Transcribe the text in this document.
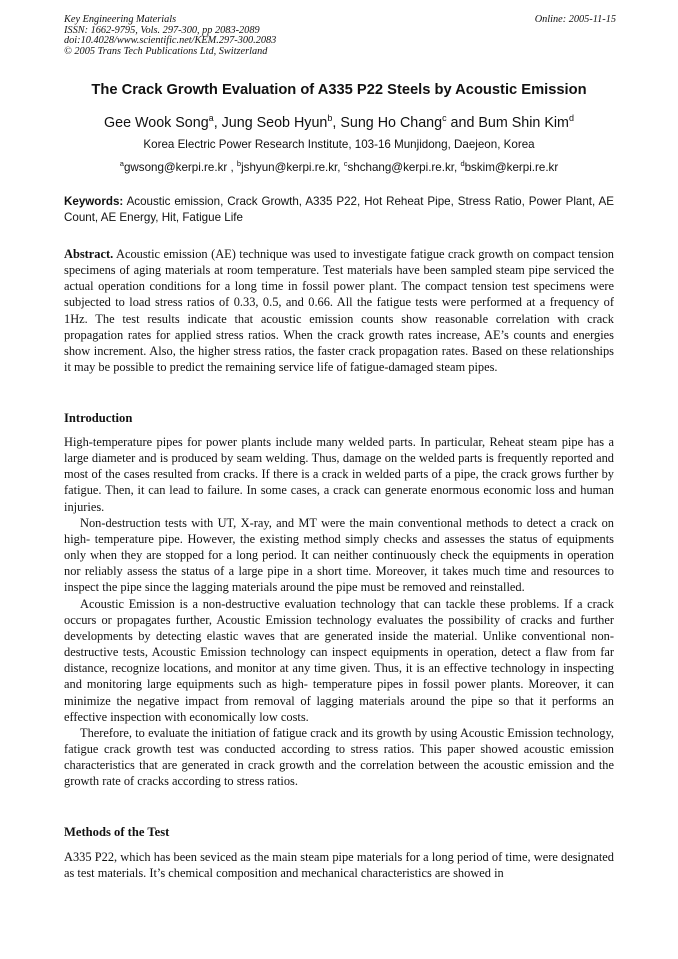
Key Engineering Materials
ISSN: 1662-9795, Vols. 297-300, pp 2083-2089
doi:10.4028/www.scientific.net/KEM.297-300.2083
© 2005 Trans Tech Publications Ltd, Switzerland
Online: 2005-11-15
The Crack Growth Evaluation of A335 P22 Steels by Acoustic Emission
Gee Wook Song$^a$, Jung Seob Hyun$^b$, Sung Ho Chang$^c$ and Bum Shin Kim$^d$
Korea Electric Power Research Institute, 103-16 Munjidong, Daejeon, Korea
$^a$gwsong@kerpi.re.kr , $^b$jshyun@kerpi.re.kr, $^c$shchang@kerpi.re.kr, $^d$bskim@kerpi.re.kr
Keywords: Acoustic emission, Crack Growth, A335 P22, Hot Reheat Pipe, Stress Ratio, Power Plant, AE Count, AE Energy, Hit, Fatigue Life

Abstract. Acoustic emission (AE) technique was used to investigate fatigue crack growth on compact tension specimens of aging materials at room temperature. Test materials have been sampled steam pipe serviced the actual operation conditions for a long time in fossil power plant. The compact tension test specimens were subjected to load stress ratios of 0.33, 0.5, and 0.66. All the fatigue tests were performed at a frequency of 1Hz. The test results indicate that acoustic emission counts show reasonable correlation with crack propagation rates for applied stress ratios. When the crack growth rates increase, AE’s counts and energies show increment. Also, the higher stress ratios, the faster crack propagation rates. Based on these relationships it may be possible to predict the remaining service life of fatigue-damaged steam pipes.

Introduction

High-temperature pipes for power plants include many welded parts. In particular, Reheat steam pipe has a large diameter and is produced by seam welding. Thus, damage on the welded parts is frequently reported and most of the cases resulted from cracks. If there is a crack in welded parts of a pipe, the crack grows further by fatigue. Then, it can lead to failure. In some cases, a crack can generate enormous economic loss and human injuries.

Non-destruction tests with UT, X-ray, and MT were the main conventional methods to detect a crack on high- temperature pipe. However, the existing method simply checks and assesses the status of equipments only when they are stopped for a long period. It can neither continuously check the equipments in operation nor reliably assess the status of a large pipe in a short time. Moreover, it takes much time and resources to inspect the pipe since the lagging materials around the pipe must be removed and reinstalled.

Acoustic Emission is a non-destructive evaluation technology that can tackle these problems. If a crack occurs or propagates further, Acoustic Emission technology evaluates the possibility of cracks and further developments by detecting elastic waves that are generated inside the material. Unlike conventional non-destructive tests, Acoustic Emission technology can inspect equipments in operation, detect a flaw from far distance, recognize locations, and monitor at any time given. Thus, it is an effective technology in inspecting and monitoring large equipments such as high- temperature pipes in fossil power plants. Moreover, it can minimize the negative impact from removal of lagging materials around the pipe so that it performs an effective inspection with economically low costs.

Therefore, to evaluate the initiation of fatigue crack and its growth by using Acoustic Emission technology, fatigue crack growth test was conducted according to stress ratios. This paper showed acoustic emission characteristics that are generated in crack growth and the correlation between the acoustic emission and the growth rate of cracks according to stress ratios.

Methods of the Test

A335 P22, which has been seviced as the main steam pipe materials for a long period of time, were designated as test materials. It’s chemical composition and mechanical characteristics are showed in
